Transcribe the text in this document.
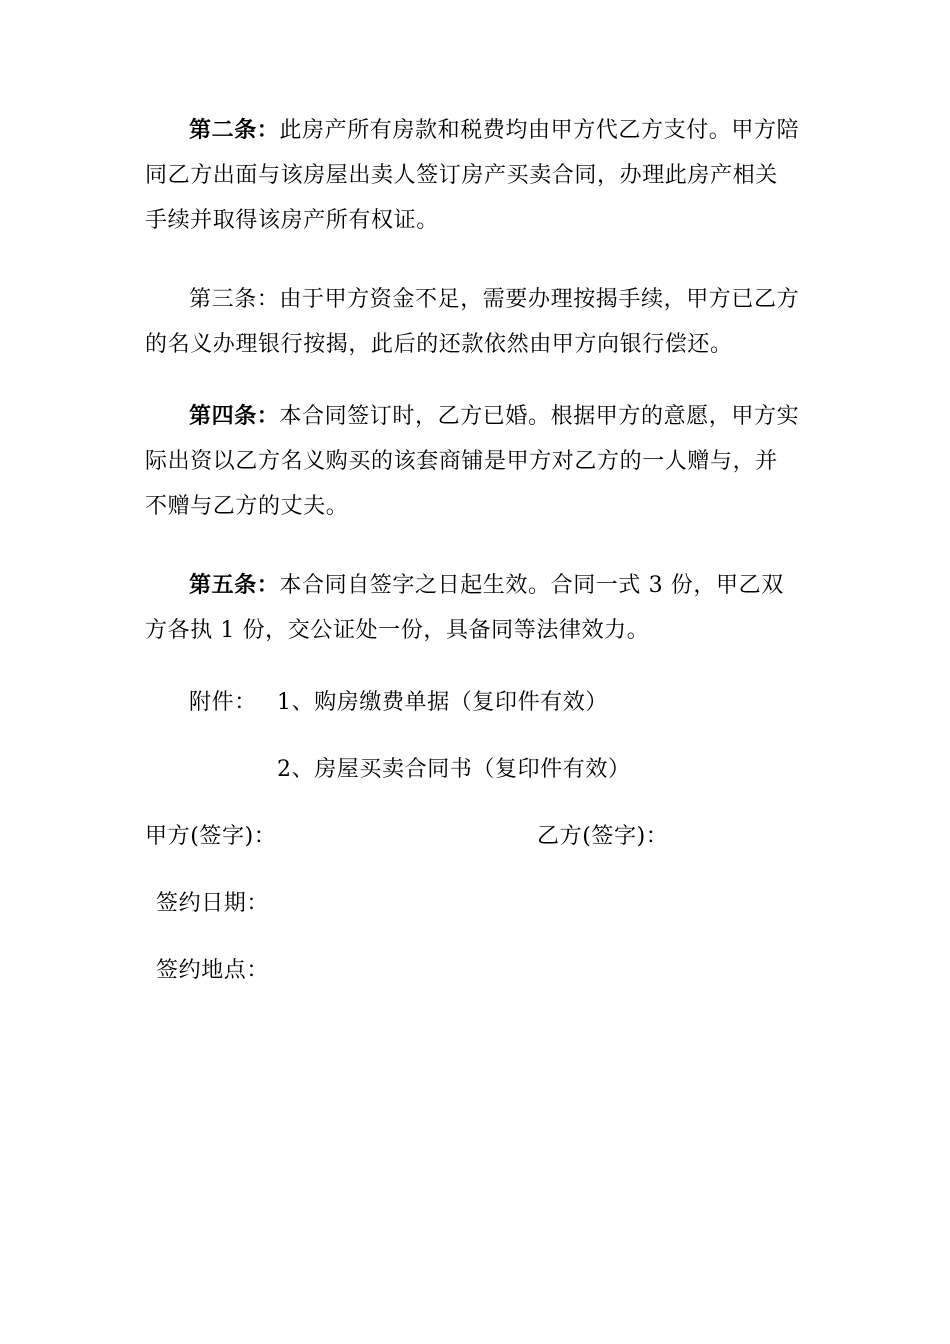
第二条：此房产所有房款和税费均由甲方代乙方支付。甲方陪同乙方出面与该房屋出卖人签订房产买卖合同，办理此房产相关手续并取得该房产所有权证。

第三条：由于甲方资金不足，需要办理按揭手续，甲方已乙方的名义办理银行按揭，此后的还款依然由甲方向银行偿还。

第四条：本合同签订时，乙方已婚。根据甲方的意愿，甲方实际出资以乙方名义购买的该套商铺是甲方对乙方的一人赠与，并不赠与乙方的丈夫。

第五条：本合同自签字之日起生效。合同一式 3 份，甲乙双方各执 1 份，交公证处一份，具备同等法律效力。

附件： 1、购房缴费单据（复印件有效）
2、房屋买卖合同书（复印件有效）
甲方(签字)：	乙方(签字)：
签约日期：
签约地点：
